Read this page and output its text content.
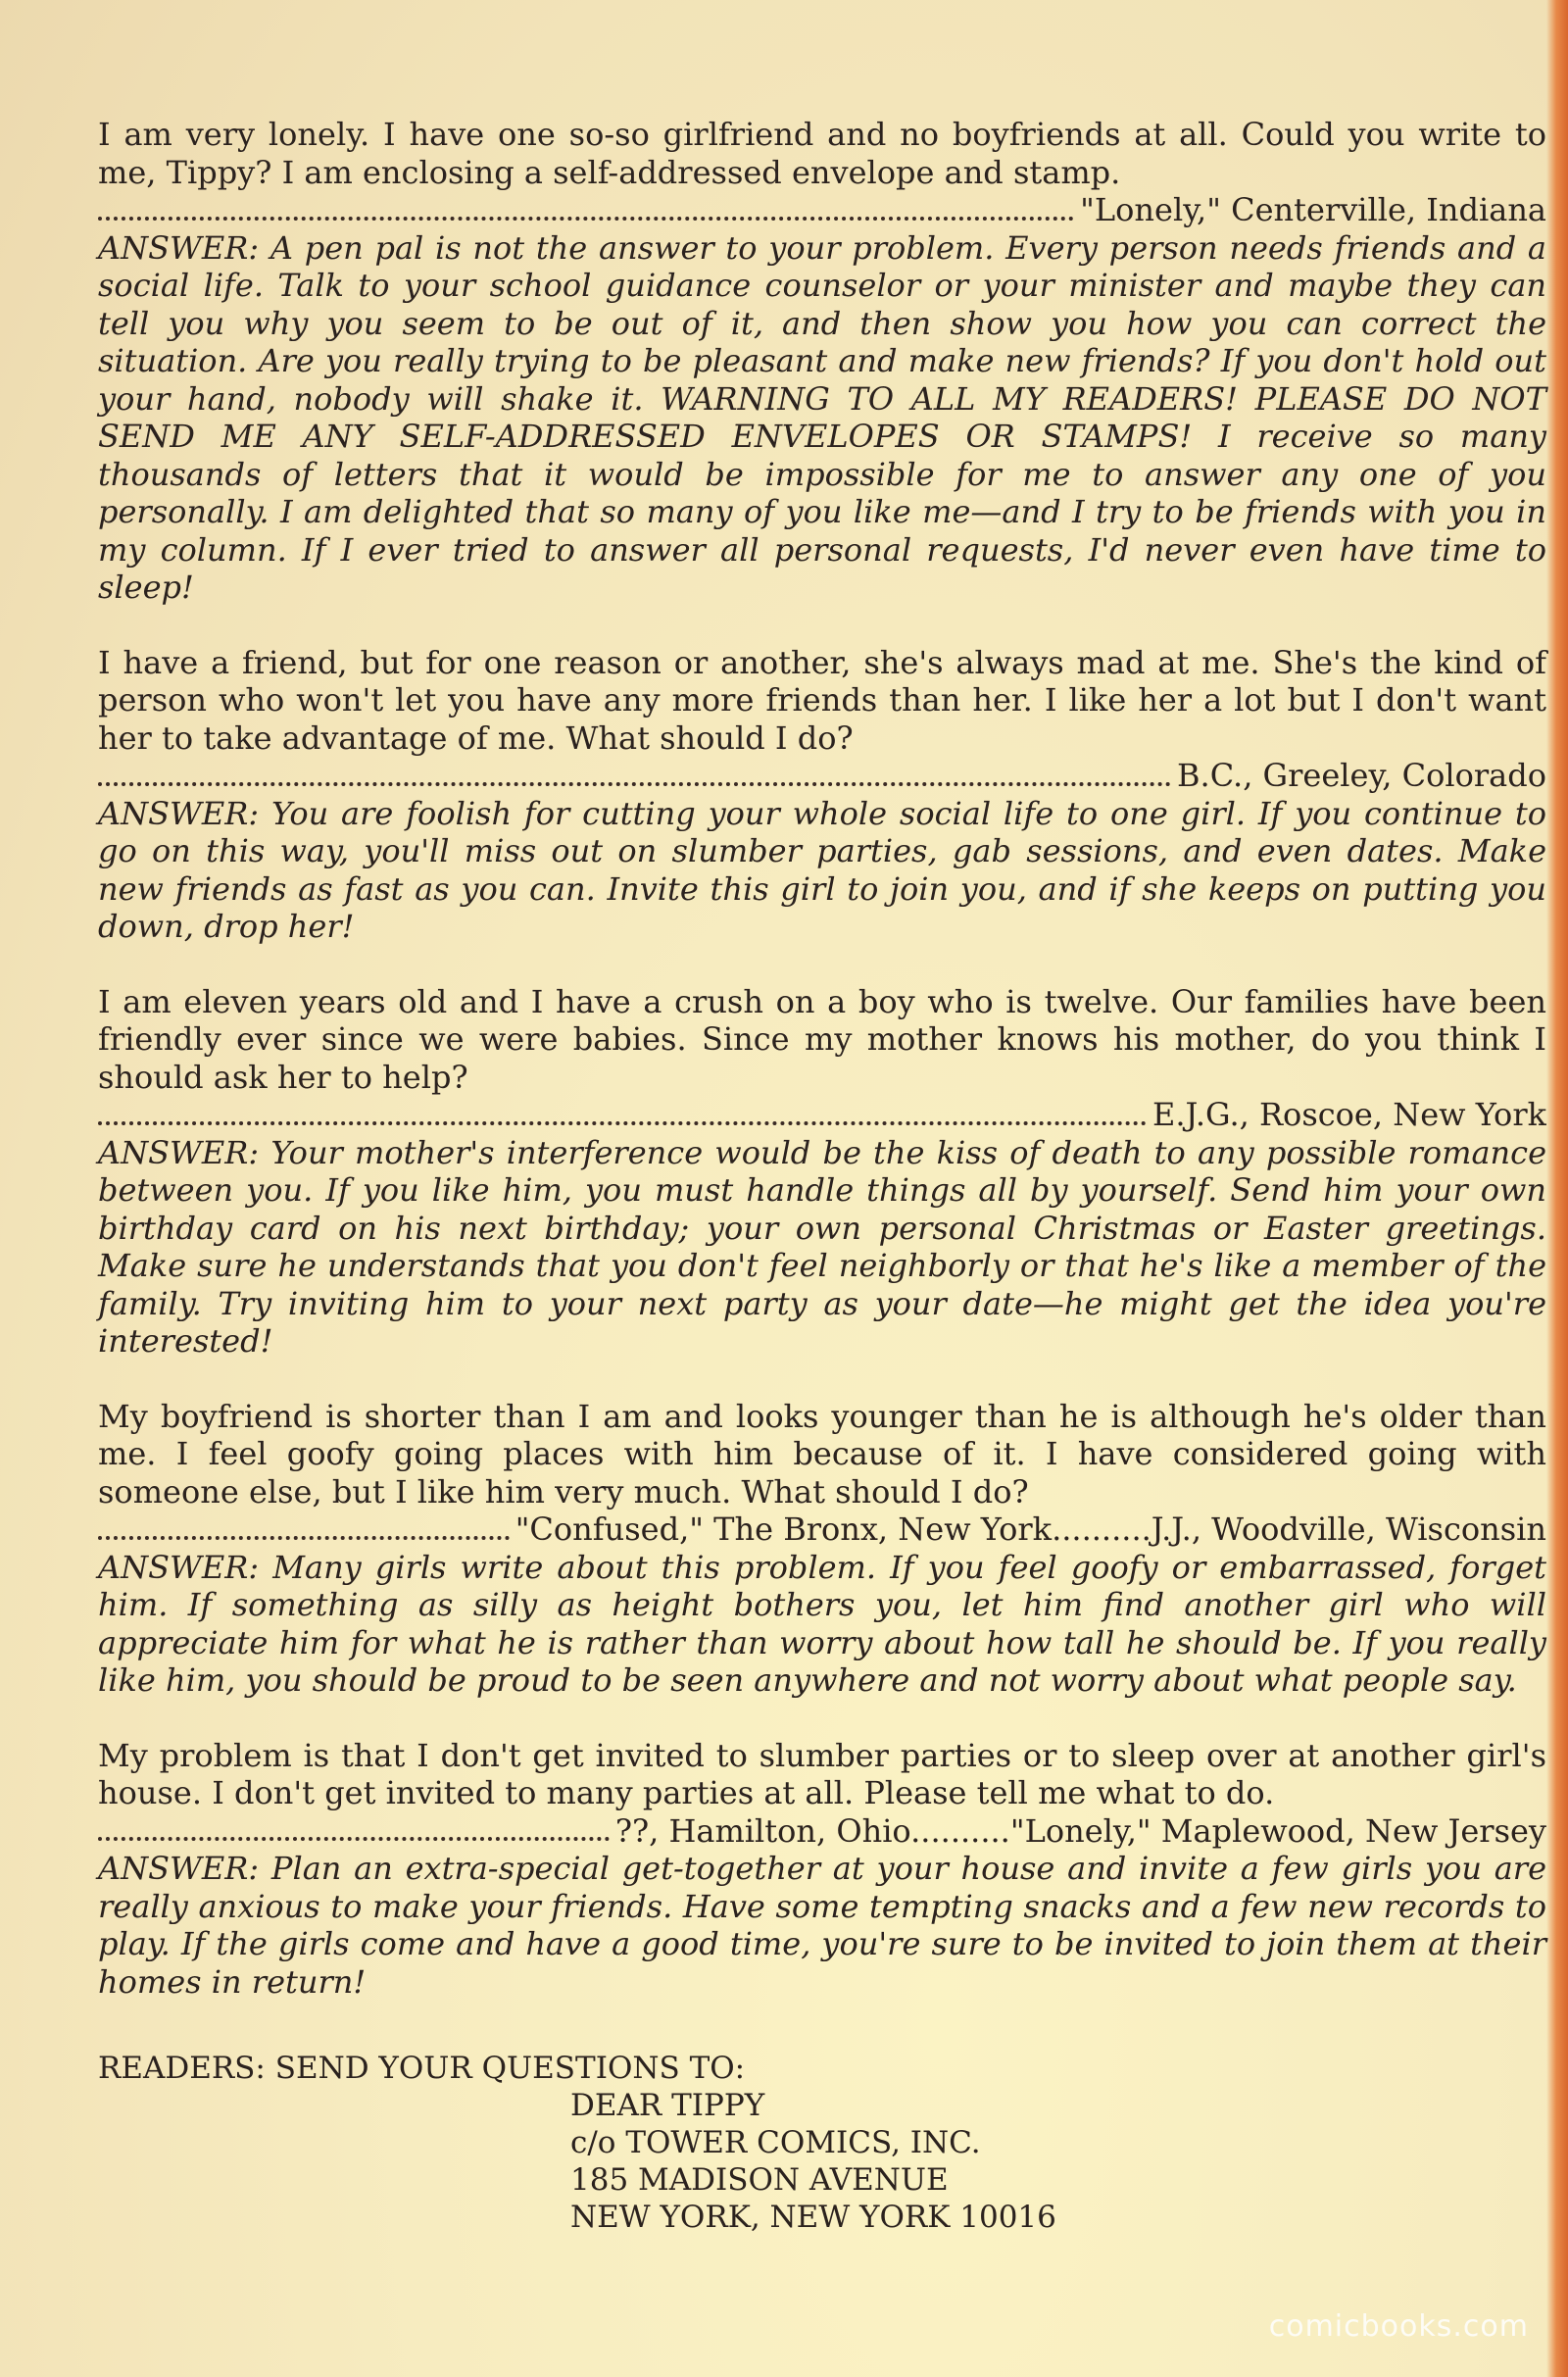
I am very lonely. I have one so-so girlfriend and no boyfriends at all. Could you write to me, Tippy? I am enclosing a self-addressed envelope and stamp.
"Lonely," Centerville, Indiana
ANSWER: A pen pal is not the answer to your problem. Every person needs friends and a social life. Talk to your school guidance counselor or your minister and maybe they can tell you why you seem to be out of it, and then show you how you can correct the situation. Are you really trying to be pleasant and make new friends? If you don't hold out your hand, nobody will shake it. WARNING TO ALL MY READERS! PLEASE DO NOT SEND ME ANY SELF-ADDRESSED ENVELOPES OR STAMPS! I receive so many thousands of letters that it would be impossible for me to answer any one of you personally. I am delighted that so many of you like me—and I try to be friends with you in my column. If I ever tried to answer all personal requests, I'd never even have time to sleep!
I have a friend, but for one reason or another, she's always mad at me. She's the kind of person who won't let you have any more friends than her. I like her a lot but I don't want her to take advantage of me. What should I do?
B.C., Greeley, Colorado
ANSWER: You are foolish for cutting your whole social life to one girl. If you continue to go on this way, you'll miss out on slumber parties, gab sessions, and even dates. Make new friends as fast as you can. Invite this girl to join you, and if she keeps on putting you down, drop her!
I am eleven years old and I have a crush on a boy who is twelve. Our families have been friendly ever since we were babies. Since my mother knows his mother, do you think I should ask her to help?
E.J.G., Roscoe, New York
ANSWER: Your mother's interference would be the kiss of death to any possible romance between you. If you like him, you must handle things all by yourself. Send him your own birthday card on his next birthday; your own personal Christmas or Easter greetings. Make sure he understands that you don't feel neighborly or that he's like a member of the family. Try inviting him to your next party as your date—he might get the idea you're interested!
My boyfriend is shorter than I am and looks younger than he is although he's older than me. I feel goofy going places with him because of it. I have considered going with someone else, but I like him very much. What should I do?
"Confused," The Bronx, New York..........J.J., Woodville, Wisconsin
ANSWER: Many girls write about this problem. If you feel goofy or embarrassed, forget him. If something as silly as height bothers you, let him find another girl who will appreciate him for what he is rather than worry about how tall he should be. If you really like him, you should be proud to be seen anywhere and not worry about what people say.
My problem is that I don't get invited to slumber parties or to sleep over at another girl's house. I don't get invited to many parties at all. Please tell me what to do.
??, Hamilton, Ohio.........."Lonely," Maplewood, New Jersey
ANSWER: Plan an extra-special get-together at your house and invite a few girls you are really anxious to make your friends. Have some tempting snacks and a few new records to play. If the girls come and have a good time, you're sure to be invited to join them at their homes in return!
READERS: SEND YOUR QUESTIONS TO:
DEAR TIPPY
c/o TOWER COMICS, INC.
185 MADISON AVENUE
NEW YORK, NEW YORK 10016
comicbooks.com
